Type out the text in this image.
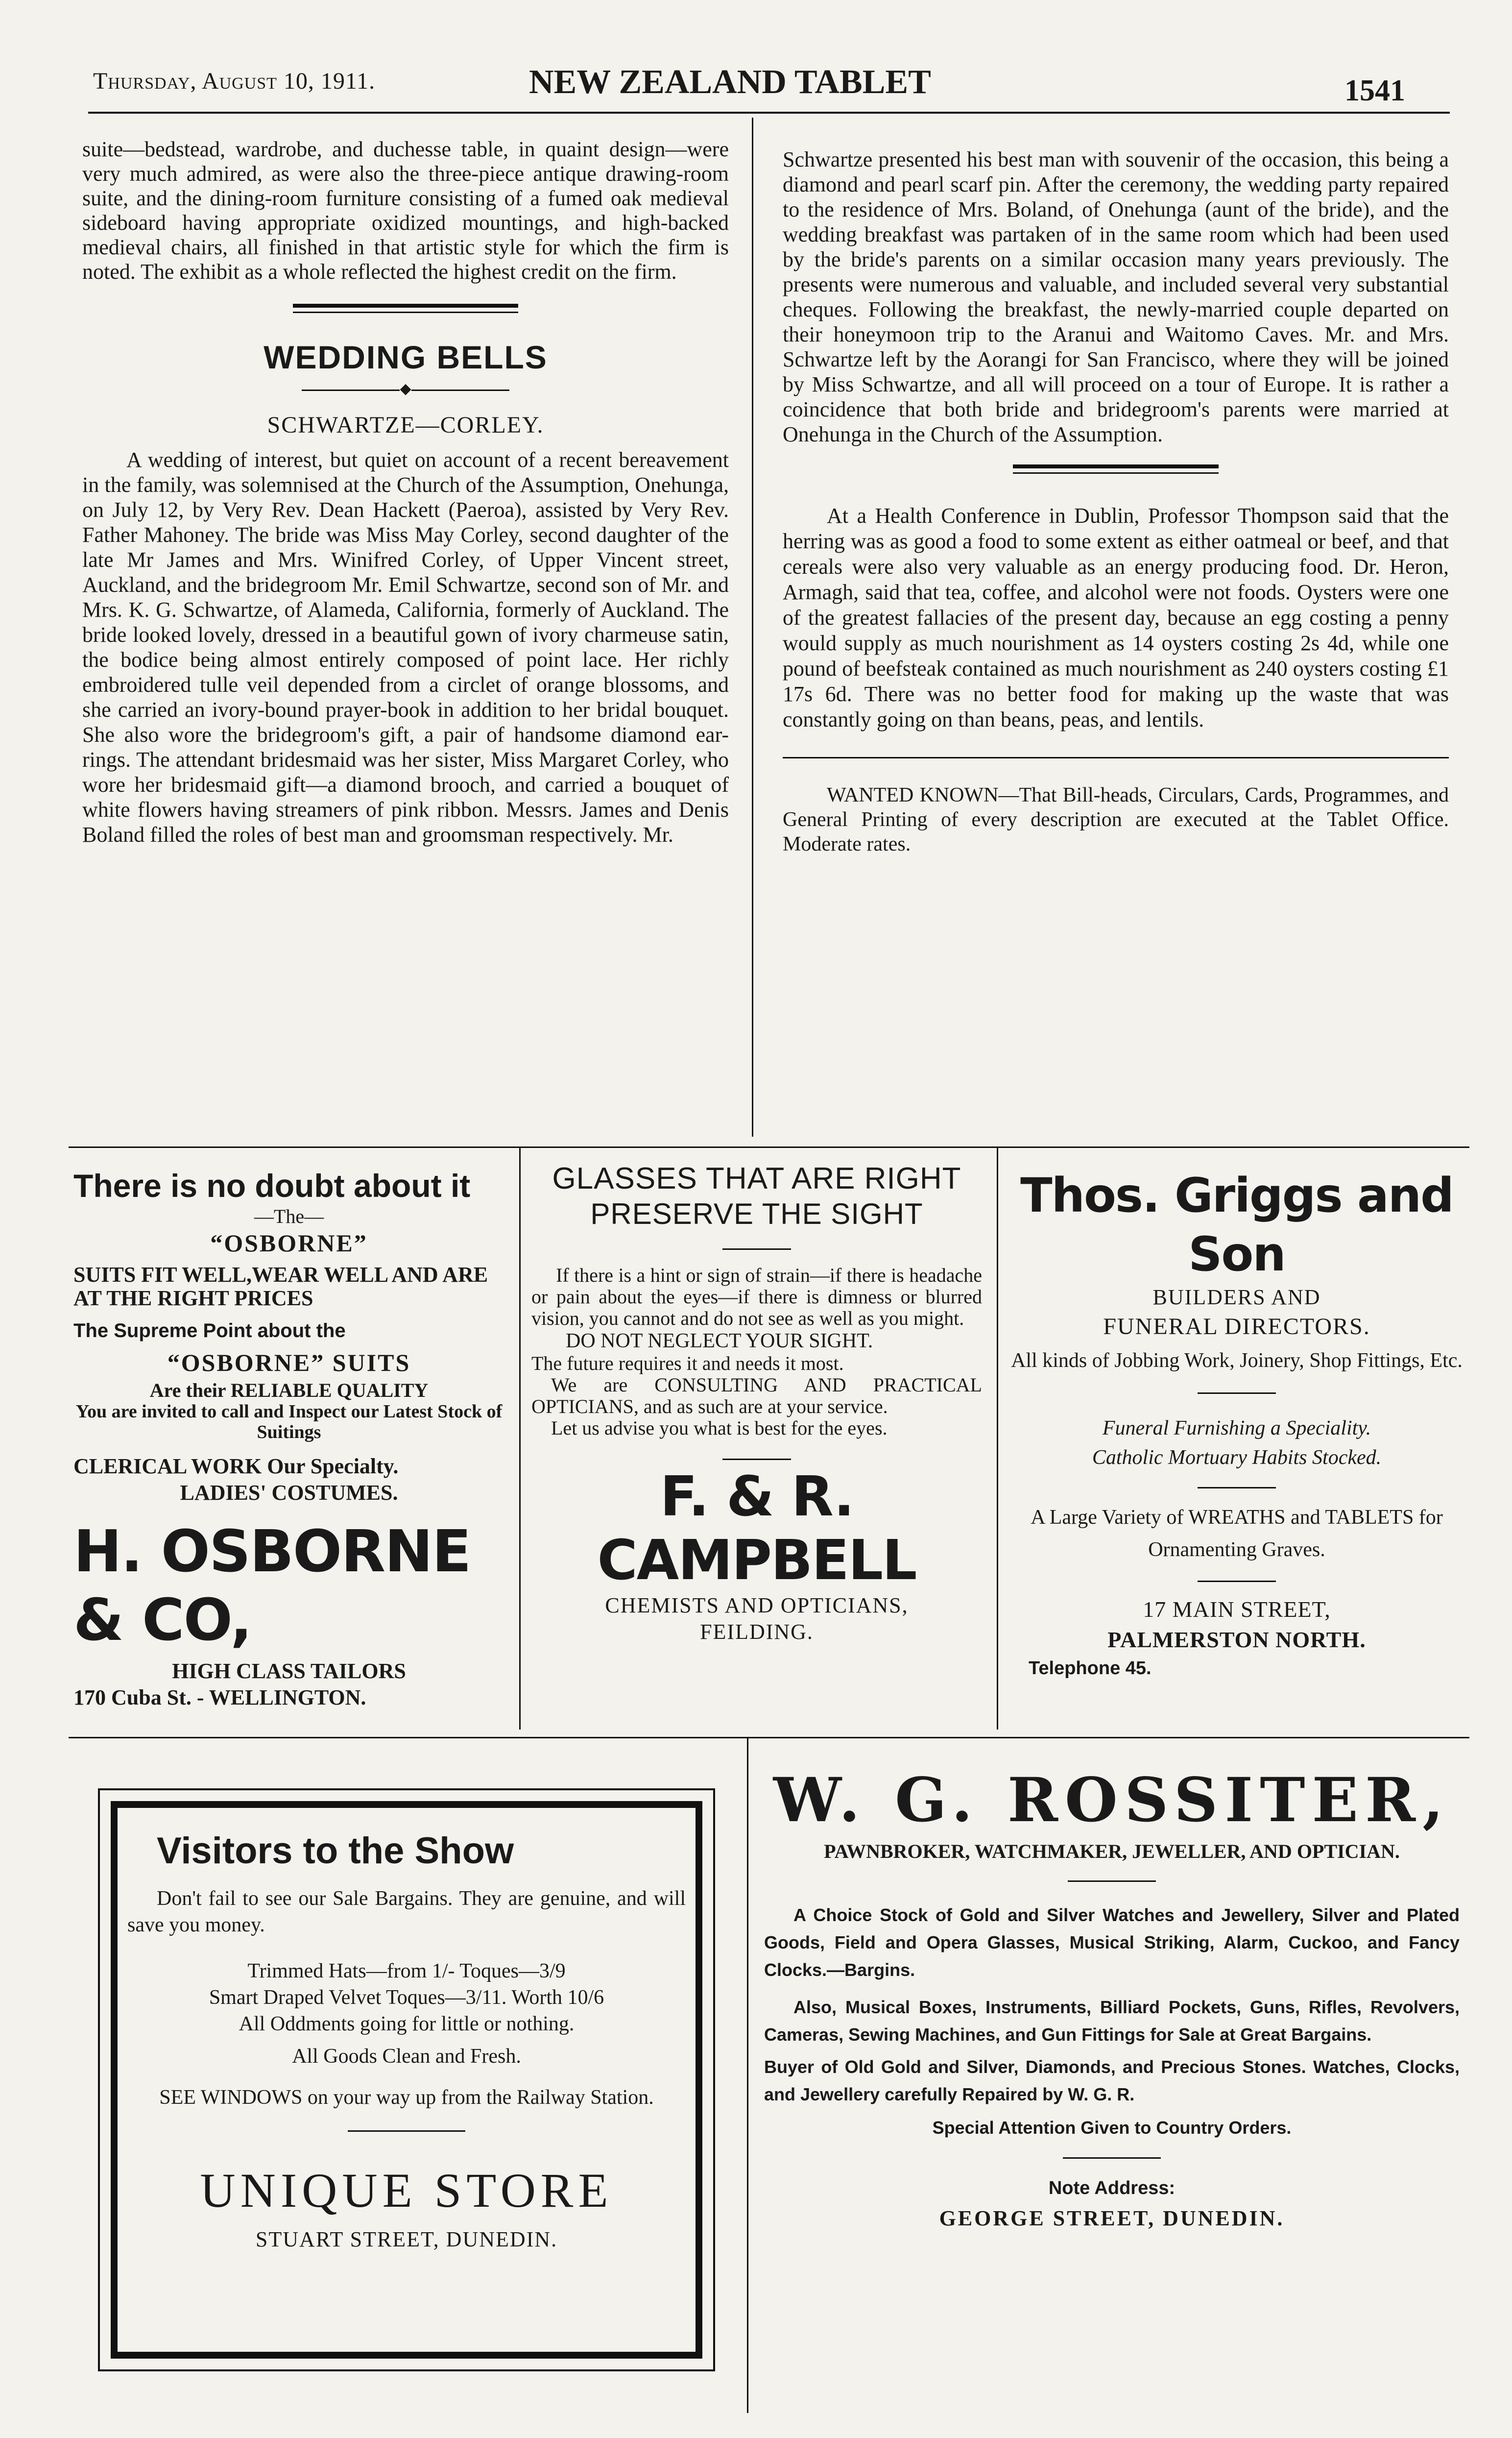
Thursday, August 10, 1911.	NEW ZEALAND TABLET	1541

suite—bedstead, wardrobe, and duchesse table, in quaint design—were very much admired, as were also the three-piece antique drawing-room suite, and the dining-room furniture consisting of a fumed oak medieval sideboard having appropriate oxidized mountings, and high-backed medieval chairs, all finished in that artistic style for which the firm is noted. The exhibit as a whole reflected the highest credit on the firm.

WEDDING BELLS
◆
SCHWARTZE—CORLEY.

A wedding of interest, but quiet on account of a recent bereavement in the family, was solemnised at the Church of the Assumption, Onehunga, on July 12, by Very Rev. Dean Hackett (Paeroa), assisted by Very Rev. Father Mahoney. The bride was Miss May Corley, second daughter of the late Mr James and Mrs. Winifred Corley, of Upper Vincent street, Auckland, and the bridegroom Mr. Emil Schwartze, second son of Mr. and Mrs. K. G. Schwartze, of Alameda, California, formerly of Auckland. The bride looked lovely, dressed in a beautiful gown of ivory charmeuse satin, the bodice being almost entirely composed of point lace. Her richly embroidered tulle veil depended from a circlet of orange blossoms, and she carried an ivory-bound prayer-book in addition to her bridal bouquet. She also wore the bridegroom's gift, a pair of handsome diamond ear-rings. The attendant bridesmaid was her sister, Miss Margaret Corley, who wore her bridesmaid gift—a diamond brooch, and carried a bouquet of white flowers having streamers of pink ribbon. Messrs. James and Denis Boland filled the roles of best man and groomsman respectively. Mr.

Schwartze presented his best man with souvenir of the occasion, this being a diamond and pearl scarf pin. After the ceremony, the wedding party repaired to the residence of Mrs. Boland, of Onehunga (aunt of the bride), and the wedding breakfast was partaken of in the same room which had been used by the bride's parents on a similar occasion many years previously. The presents were numerous and valuable, and included several very substantial cheques. Following the breakfast, the newly-married couple departed on their honeymoon trip to the Aranui and Waitomo Caves. Mr. and Mrs. Schwartze left by the Aorangi for San Francisco, where they will be joined by Miss Schwartze, and all will proceed on a tour of Europe. It is rather a coincidence that both bride and bridegroom's parents were married at Onehunga in the Church of the Assumption.

At a Health Conference in Dublin, Professor Thompson said that the herring was as good a food to some extent as either oatmeal or beef, and that cereals were also very valuable as an energy producing food. Dr. Heron, Armagh, said that tea, coffee, and alcohol were not foods. Oysters were one of the greatest fallacies of the present day, because an egg costing a penny would supply as much nourishment as 14 oysters costing 2s 4d, while one pound of beefsteak contained as much nourishment as 240 oysters costing £1 17s 6d. There was no better food for making up the waste that was constantly going on than beans, peas, and lentils.

WANTED KNOWN—That Bill-heads, Circulars, Cards, Programmes, and General Printing of every description are executed at the Tablet Office. Moderate rates.

There is no doubt about it
—The—
“OSBORNE”
SUITS FIT WELL,WEAR WELL AND ARE AT THE RIGHT PRICES
The Supreme Point about the
“OSBORNE” SUITS
Are their RELIABLE QUALITY
You are invited to call and Inspect our Latest Stock of Suitings
CLERICAL WORK Our Specialty.
LADIES' COSTUMES.
H. OSBORNE & CO,
HIGH CLASS TAILORS
170 Cuba St. - WELLINGTON.
GLASSES THAT ARE RIGHT
PRESERVE THE SIGHT

If there is a hint or sign of strain—if there is headache or pain about the eyes—if there is dimness or blurred vision, you cannot and do not see as well as you might.

DO NOT NEGLECT YOUR SIGHT.

The future requires it and needs it most.

We are CONSULTING AND PRACTICAL OPTICIANS, and as such are at your service.

Let us advise you what is best for the eyes.

F. & R. CAMPBELL
CHEMISTS AND OPTICIANS,
FEILDING.
Thos. Griggs and Son
BUILDERS AND
FUNERAL DIRECTORS.
All kinds of Jobbing Work, Joinery, Shop Fittings, Etc.
Funeral Furnishing a Speciality.
Catholic Mortuary Habits Stocked.
A Large Variety of WREATHS and TABLETS for Ornamenting Graves.
17 MAIN STREET,
PALMERSTON NORTH.
Telephone 45.
Visitors to the Show

Don't fail to see our Sale Bargains. They are genuine, and will save you money.

Trimmed Hats—from 1/- Toques—3/9
Smart Draped Velvet Toques—3/11. Worth 10/6
All Oddments going for little or nothing.
All Goods Clean and Fresh.
SEE WINDOWS on your way up from the Railway Station.
UNIQUE STORE
STUART STREET, DUNEDIN.
W. G. ROSSITER,
PAWNBROKER, WATCHMAKER, JEWELLER, AND OPTICIAN.

A Choice Stock of Gold and Silver Watches and Jewellery, Silver and Plated Goods, Field and Opera Glasses, Musical Striking, Alarm, Cuckoo, and Fancy Clocks.—Bargins.

Also, Musical Boxes, Instruments, Billiard Pockets, Guns, Rifles, Revolvers, Cameras, Sewing Machines, and Gun Fittings for Sale at Great Bargains.

Buyer of Old Gold and Silver, Diamonds, and Precious Stones. Watches, Clocks, and Jewellery carefully Repaired by W. G. R.

Special Attention Given to Country Orders.
Note Address:
GEORGE STREET, DUNEDIN.
